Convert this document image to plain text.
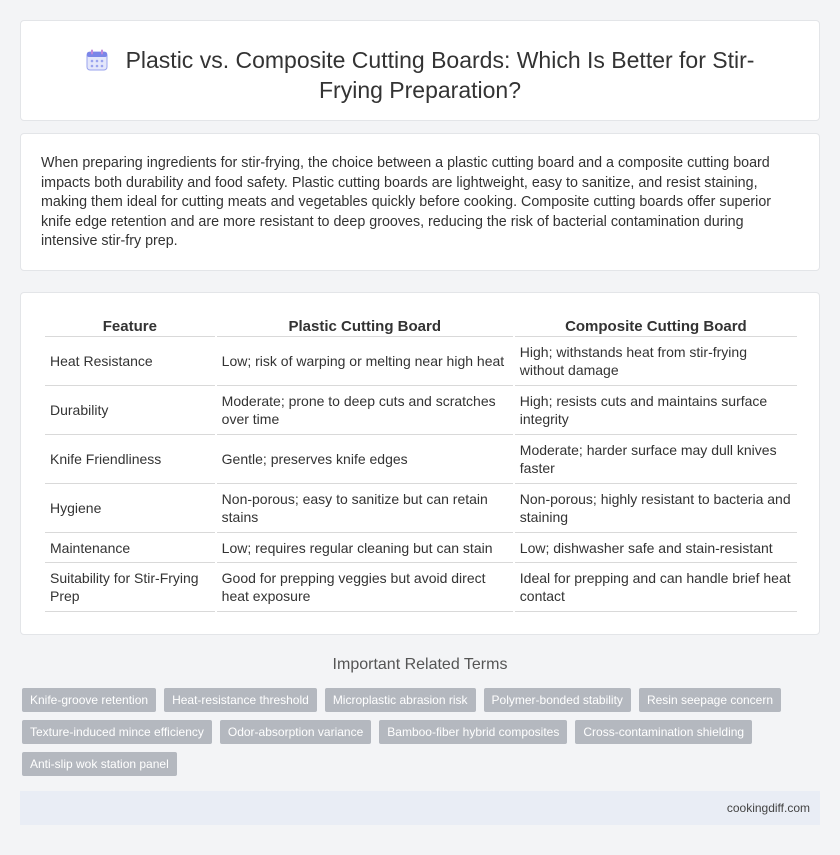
Plastic vs. Composite Cutting Boards: Which Is Better for Stir-Frying Preparation?

When preparing ingredients for stir-frying, the choice between a plastic cutting board and a composite cutting board impacts both durability and food safety. Plastic cutting boards are lightweight, easy to sanitize, and resist staining, making them ideal for cutting meats and vegetables quickly before cooking. Composite cutting boards offer superior knife edge retention and are more resistant to deep grooves, reducing the risk of bacterial contamination during intensive stir-fry prep.

Feature	Plastic Cutting Board	Composite Cutting Board
Heat Resistance	Low; risk of warping or melting near high heat	High; withstands heat from stir-frying without damage
Durability	Moderate; prone to deep cuts and scratches over time	High; resists cuts and maintains surface integrity
Knife Friendliness	Gentle; preserves knife edges	Moderate; harder surface may dull knives faster
Hygiene	Non-porous; easy to sanitize but can retain stains	Non-porous; highly resistant to bacteria and staining
Maintenance	Low; requires regular cleaning but can stain	Low; dishwasher safe and stain-resistant
Suitability for Stir-Frying Prep	Good for prepping veggies but avoid direct heat exposure	Ideal for prepping and can handle brief heat contact
Important Related Terms
Knife-groove retention	Heat-resistance threshold	Microplastic abrasion risk	Polymer-bonded stability	Resin seepage concern
Texture-induced mince efficiency	Odor-absorption variance	Bamboo-fiber hybrid composites	Cross-contamination shielding
Anti-slip wok station panel
cookingdiff.com
